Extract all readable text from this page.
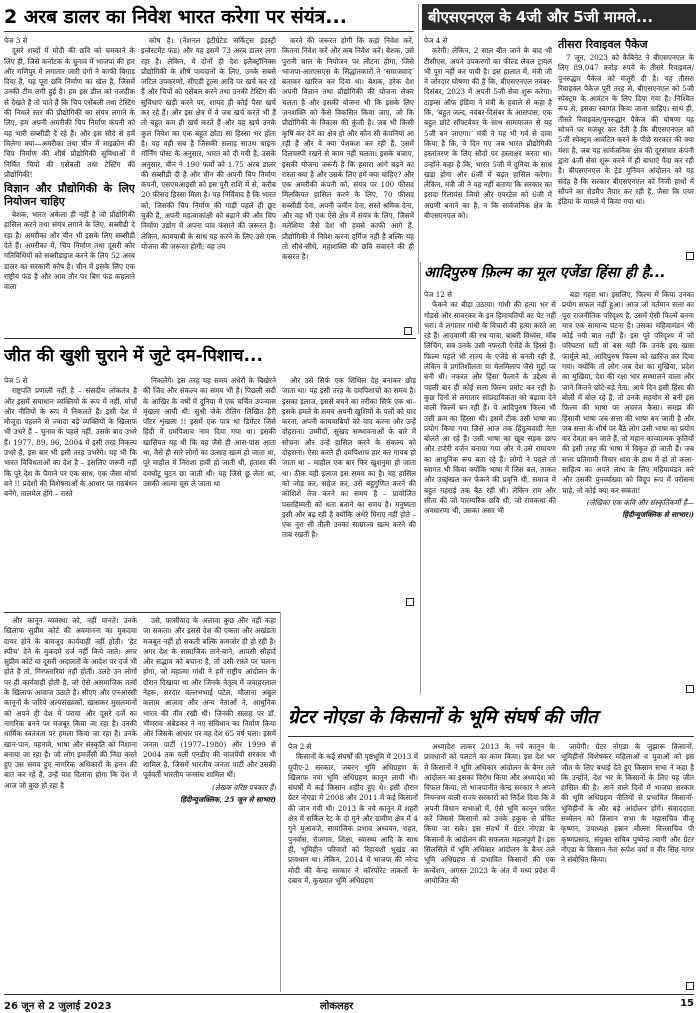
2 अरब डालर का निवेश भारत करेगा पर संयंत्र...
पेज 3 से

दूसरे शब्दों में मोदी की छवि को चमकाने के लिए ही, जिसे कर्नाटक के चुनाव में भाजपा की हार और मणिपुर में लगातार जारी दंगों ने काफी बिगाड़ दिया है, यह पूरा छवि निर्माण का खेल है, जिसमें उनकी टीम लगी हुई है। हम इस डील को नजदीक से देखते हैं तो पाते हैं कि चिप एसेंबली तथा टेस्टिंग की निचले स्तर की प्रौद्योगिकी का संयंत्र लगाने के लिए, हम अपनी अमरीकी चिप निर्माण कंपनी को यह भारी सब्सीडी दे रहे हैं। और इस सौदे से हमें मिलेगा क्या—अमरीका तथा चीन में माइक्रोन की चिप निर्माण की शीर्ष प्रौद्योगिकी सुविधाओं में निर्मित चिपों की एसेंबली तथा टेस्टिंग की प्रौद्योगिकी!

विज्ञान और प्रौद्योगिकी के लिए नियोजन चाहिए

बेशक, भारत अकेला ही नहीं है जो प्रौद्योगिकी हासिल करने तथा संयंत्र लगाने के लिए, सब्सीडी दे रहा है। अमरीका और चीन भी इसके लिए सब्सीडी देते हैं। अमरीका में, चिप निर्माण तथा दूसरी कोर गतिविधियों को सब्सीडाइज करने के लिए 52 अरब डालर का सरकारी कोष है। चीन में इसके लिए एक राष्ट्रीय फंड है और आम तौर पर बिग फंड कहलाने वाला

कोष है। (नेशनल इंटीग्रेटेड सर्किट्स इंडस्ट्री इन्वेस्टमेंट फंड) और यह इसमें 73 अरब डालर लगा रहा है। लेकिन, ये दोनों ही देश इलैक्ट्रॉनिक्स प्रौद्योगिकी के शीर्ष पायदानों के लिए, उनके सबसे जटिल उपकरणों, सीएडी टूल्स आदि पर खर्च कर रहे हैं और चिपों को एसेंबल करने तथा उनकी टेस्टिंग की सुविधाएं खड़ी करने पर, शायद ही कोई पैसा खर्च कर रहे हैं। और इस क्षेत्र में वे जब खर्च करते भी हैं तो बहुत कम ही खर्च करते हैं और यह खर्च उनके कुल निवेश का एक बहुत छोटा सा हिस्सा भर होता है। यह वही सब है जिसकी सलाह साउथ चाइना मॉर्निंग पोस्ट के अनुसार, भारत को दी गयी है, उसके अनुसार, चीन ने 190 फर्मों को 1.75 अरब डालर की सब्सीडी दी है और चीन की अपनी चिप निर्माण कंपनी, एसएमआइसी को इस पूरी राशि में से, करीब 20 फीसद हिस्सा मिला है। यह निर्विवाद है कि भारत को, जिसकी चिप निर्माण की गाड़ी पहले ही छूट चुकी है, अपनी महत्वाकांक्षी को बढ़ाने की और चिप निर्माण उद्योग में अपना पांव फंसाने की जरूरत है। लेकिन, कामयाबी के साथ यह करने के लिए उसे एक योजना की जरूरत होगी; यह तय

करने की जरूरत होगी कि कहां निवेश करें, कितना निवेश करें और कब निवेश करें। बेशक, उसे पुरानी चाल के नियोजन पर लौटना होगा, जिसे भाजपा-आरएसएस के सिद्धांतकारों ने ‘समाजवाद’ बताकर खारिज कर दिया था। बेशक, हरेक देश अपनी विज्ञान तथा प्रौद्योगिकी की योजना लेकर चलता है और इसकी योजना भी कि इसके लिए जनशक्ति को कैसे विकसित किया जाए, जो कि प्रौद्योगिकी के विकास की कुंजी है। जब भी किसी कृषि कर देने का क्षेत्र हो और कौन सी कंपनियां आ रही हैं और वे क्या पेशकश कर रही हैं, उसमें दिलचस्पी रखने से काम नहीं चलता। इसके बजाए, इसकी योजना जरूरी है कि हमारा आगे बढ़ने का रास्ता क्या है और उसके लिए हमें क्या चाहिए? और एक अमरीकी कंपनी को, संयंत्र पर 100 फीसद मिलकियत हासिल करने के लिए, 70 फीसद सब्सीडी देना, अपनी जमीन देना, सस्ते श्रमिक देना, और वह भी एक ऐसे क्षेत्र में संयंत्र के लिए, जिसमें मलेशिया जैसे देश भी हमसे काफी आगे हैं, प्रौद्योगिकी में निवेश करना हर्गिज नहीं है बल्कि यह तो सीधे-सीधे, महाशक्ति की छवि संवारने की ही कसरत है।

बीएसएनएल के 4जी और 5जी मामले...
पेज 4 से

करेगी। लेकिन, 2 साल बीत जाने के बाद भी टीसीएस, अपने उपकरणों का फील्ड लेवल ट्रायल भी पूरा नहीं कर पायी है। इस हालात में, मंत्री जी ने जोरदार घोषणा की है कि, बीएसएनएल नवंबर-दिसंबर, 2023 में अपनी 5जी सेवा शुरू करेगा। टाइम्स ऑफ इंडिया ने मंत्री के हवाले से कहा है कि, ‘बहुत जल्द, नवंबर-दिसंबर के आसपास, एक बहुत छोटे सॉफ्टवेयर के साथ सामयाजन से यह 5जी बन जाएगा।’ मंत्री ने यह भी गर्व से दावा किया है कि, वे दिन गए जब भारत प्रौद्योगिकी हस्तांतरण के लिए सौदों पर हस्ताक्षर करता था। उन्होंने कहा है कि, भारत 5जी में दुनिया के साथ खड़ा होगा और 6जी में बढ़त हासिल करेगा। लेकिन, मंत्री जी ने यह नहीं बताया कि सरकार का इरादा रिलायंस जियो और एयरटेल को 6जी में अग्रणी बनाने का है, न कि सार्वजनिक क्षेत्र के बीएसएनएल को।

तीसरा रिवाइवल पैकेज

7 जून, 2023 को कैबिनेट ने बीएसएनएल के लिए 89,047 करोड़ रुपये के तीसरे रिवाइवल/पुनरुद्धार पैकेज को मंजूरी दी है। यह तीसरा रिवाइवल पैकेज पूरी तरह से, बीएसएनएल को 5जी स्पेक्ट्रम के आवंटन के लिए दिया गया है। निश्चित रूप से, इसका स्वागत किया जाना चाहिए। साथ ही, तीसरे रिवाइवल/पुनरुद्धार पैकेज की घोषणा यह सोचने पर मजबूर कर देती है कि बीएसएनएल को 5जी स्पेक्ट्रम आवंटित करने के पीछे सरकार की क्या मंशा है, जब यह सार्वजनिक क्षेत्र की दूरसंचार कंपनी द्वारा 4जी सेवा शुरू करने में ही बाधाएं पैदा कर रही है। बीएसएनएल के ट्रेड यूनियन आंदोलन को यह संदेह है कि सरकार बीएसएनएल को निजी हाथों में सौंपने का रोडमैप तैयार कर रही है, जैसा कि एयर इंडिया के मामले में किया गया था।

आदिपुरुष फ़िल्म का मूल एजेंडा हिंसा ही है...
पेज 12 से

फेंकने का बीड़ा उठाया। गांधी की हत्या भर से गोडसे और सावरकर के इन हिमायतियों का पेट नहीं भरा। वे लगातार गांधी के विचारों की हत्या करते आ रहे हैं। आदवाणी की रथ यात्रा, बाबरी विध्वंस, मॉब लिंचिंग, सब उनके उसी नफरती ऐजेंडे के हिस्से हैं। फिल्म पहले भी राज्य के एजेंडे से बनती रही हैं, लेकिन वे प्रगतिशीलता या मेलमिलाप जैसे मुद्दों पर बनी थीं। नफरत और हिंसा फैलाने के उद्देश्य से पहली बार ही कोई सत्ता फिल्म प्रमोट कर रही है। कुछ दिनों से लगातार सांप्रदायिकता को बढ़ावा देने वाली फिल्में बन रही हैं। ये आदिपुरुष फिल्म भी उसी क्रम का हिस्सा थी। इसमें टीक उसी भाषा का प्रयोग किया गया जिसे आज तक हिंदुत्ववादी नेता बोलते आ रहे हैं। उसी भाषा का खूब सड़क छाप और टपोरी वर्जन बनाया गया और ये उसे रामायण का आधुनिक रूप बता रहे हैं। लोगों ने पहले तो स्वागत भी किया क्योंकि भाषा में जिस बल, ताकत और उच्छृंखल कर फेंकने की प्रवृत्ति थी, समाज में बहुत गहराई तक बैठ रही थी। लेकिन राम और सीता की जो पारम्परिक छवि थी, जो रामकथा की अवधारणा थी, उसका असर भी

बड़ा गहरा था। इसलिए, फिल्म में किया उनका प्रयोग सफल नहीं हुआ। आज जो वर्तमान सत्ता का पूरा राजनीतिक परिदृश्य है, उसमें ऐसी फिल्में बनना मात्र एक सामान्य घटना है। उसका महिमामंडन भी कोई नयी बात नहीं है। इस पूरे परिदृश्य में जो परिघटना घटी वो बस यही कि उनके इस खास फार्मूले को, आदिपुरुष फिल्म को खारिज कर दिया गया। क्योंकि तो लोग जब देश का मुखिया, प्रदेश का मुखिया, देश की रक्षा भार सम्भालने वाला और जाने कितने छोटे-बड़े नेता, आये दिन इसी हिंसा की बोली में बोल रहे हैं, तो उनके सहयोग से बनी इस फ़िल्म की भाषा पर अचरज कैसा। समझ की हिंसावी भाषा जब सत्ता की भाषा बन जाती है और जब सत्ता के शीर्ष पर बैठे लोग उसी भाषा का प्रयोग कर देवता बन जाते हैं, तो महान काव्यात्मक कृतियों की इसी तरह की भाषा में विकृत हो जाती हैं। जब सत्ता प्रतिगामी विचार धारा के हाथ में हो तो कला-साहित्य का अपने लाभ के लिए महिमामंडन करे और उसकी पुनर्व्याख्या को विदूप रूप में परोसना चाहे, तो कोई क्या कर सकता!

(लेखिका एक कवि और संस्कृतिकर्मी हैं—
हिंदीन्यूजक्लिक से साभार।)
जीत की खुशी चुराने में जुटे दम-पिशाच...
पेज 5 से

राष्ट्रपति प्रणाली नहीं है – संसदीय लोकतंत्र है और इसमें समाधान व्यक्तियों के रूप में नहीं, मोर्चों और नीतियों के रूप में निकलते हैं। इसी देश में मौजूदा पहलने से ज्यादा बड़े व्यक्तियों के खिलाफ भी उभरे हैं – चुनाव के पहले नहीं, उसके बाद उभरे हैं। 1977, 89, 96, 2004 में इसी तरह विकल्प उभरे हैं, इस बार भी इसी तरह उभरेंगे। यह भी कि भारत विविधताओं का देश है – इसलिए जरूरी नहीं कि पूरे देश के पैमाने पर एक साथ, एक जैसा मोर्चा बने !! प्रदेशों की विशेषताओं के आधार पर गठबंधन बनेंगे, तालमेल होंगे – रास्ते

निकलेंगे। इस तरह यह समय अंधेरों के बिखेरने की जिद और संकल्प का समय भी है। पिछली सदी के आखिर के वर्षों में दुनिया में एक चर्चित उपन्यास मृंखला आयी थी: सुश्री जेके रोलिंग लिखित हैरी पॉटर शृंखला !! इसमें एक पात्र था डिमेंटर जिसे हिंदी में दमपिशाच नाम दिया गया था। इसकी खासियत यह थी कि यह जैसे ही आस-पास आता था, वैसे ही सारे लोगों का उत्साह खत्म हो जाता था, पूरे माहौल में निराशा हावी हो जाती थी, हताशा की दमघोंटू घुटन छा जाती थी। यह जिसे छू लेता था, उसकी आत्मा चूस ले जाता था

और उसे सिर्फ एक शिथिल देह बनाकर छोड़ जाता था। यह इसी तरह के दमपिशाचों का समय है। इसका इलाज, इससे बचने का तरीका सिर्फ एक था– इसके हमले के समय अपनी खुशियों के पलों को याद करना, अपनी कामयाबियों को याद करना और उन्हें दोहराना। उम्मीदों, सुखद सम्भावनाओं के बारे में सोचना और उन्हें हासिल करने के संकल्प को दोहराना। ऐसा करते ही दमपिशाच हार कर गायब हो जाता था – माहौल एक बार फिर खुशनुमा हो जाता था। ठीक यही इलाज इस समय का है। यह हासिल को जोड़ कर, सहेज कर, उसे बहुगुणित करने की कोशिशें तेज करने का समय है – प्रायोजित पस्तहिम्मती को धता बताने का समय है। मनुष्यता इसी और बढ़ रही है क्योंकि अंधेरे घिराए नहीं होते – एक नूरा सी तीली उनका साम्राज्य खत्म करने की ताब रखती है।

और कानून व्यवस्था को, नहीं मानते। उनके खिलाफ सुप्रीम कोर्ट की अवमानना का मुकदमा दायर होने के बावजूद कार्यवाही नहीं होती। ‘हेट स्पीच’ देने के मुकदमे दर्ज नहीं किये जाते। अगर सुप्रीम कोर्ट या दूसरी अदालतों के आदेश पर दर्ज भी होते हैं तो, गिरफ्तारियां नहीं होतीं। उलटे उन लोगों पर ही कार्यवाही होती है, जो ऐसे असमाजिक तत्वों के खिलाफ आवाज उठाते हैं। सीएए और एनआरसी कानूनों के जरिये अल्पसंख्यकों, खासकर मुसलमानों को अपने ही देश में पराया और दूसरे दर्जे का नागरिक बनने पर मजबूर किया जा रहा है। उनकी धार्मिक स्वतंत्रता पर हमला किया जा रहा है। उनके खान-पान, पहनावे, भाषा और संस्कृति को निशाना बनाया जा रहा है। जो लोग इमर्जेंसी की निंदा करते हुए उस समय हुए नागरिक अधिकारों के हनन की बात कर रहे हैं, उन्हें याद दिलाना होगा कि देश में आज जो कुछ हो रहा है

उसे, फ़ासीवाद के अलावा कुछ और नहीं कहा जा सकता। और इससे देश की एकता और अखंडता मजबूत नहीं हो सकती बल्कि कमजोर ही हो रही है। अगर देश के सामाजिक ताने-बाने, आपसी सौहार्द और सद्भाव को बचाना है, तो उसी रास्ते पर चलना होगा, जो महात्मा गांधी ने हमें राष्ट्रीय आंदोलन के दौरान दिखाया था और जिनके नेतृत्व में जवाहरलाल नेहरू, सरदार वल्लभभाई पटेल, मौलाना अबुल कलाम आज़ाद और अन्य नेताओं ने, आधुनिक भारत की नींव रखी थी। जिनकी सलाह पर डॉ. भीमराव अंबेडकर ने नए संविधान का निर्माण किया और जिसके आधार पर यह देश 65 वर्ष चला। इसमें जनता पार्टी (1977–1980) और 1999 से 2004 तक चली एनडीए की वाजपेयी सरकार भी शामिल है, जिसमें भारतीय जनता पार्टी और उसकी पूर्ववर्ती भारतीय जनसंघ शामिल थीं।

(लेखक वरिष्ठ पत्रकार हैं।
हिंदीन्यूजक्लिक, 25 जून से साभार)
ग्रेटर नोएडा के किसानों के भूमि संघर्ष की जीत
पेज 2 से

किसानों के कई संघर्षों की पृष्ठभूमि में 2013 में यूपीए-2 सरकार, जबरन भूमि अधिग्रहण के खिलाफ नया भूमि अधिग्रहण कानून लायी थी। संघर्षों में कई किसान शहीद हुए थे। इसी दौरान ग्रेटर नोएडा में 2008 और 2011 में कई किसानों की जान गयी थी। 2013 के नये कानून में शहरी क्षेत्र में सर्किल रेट के दो गुने और ग्रामीण क्षेत्र में 4 गुने मुआवजे, सामाजिक प्रभाव अध्ययन, राहत, पुनर्वास, रोजगार, शिक्षा, स्वास्थ्य आदि के साथ ही, भूमिहीन परिवारों को रिहायशी भूखंड का प्रावधान था। लेकिन, 2014 में भाजपा की नरेन्द्र मोदी की केन्द्र सरकार ने कॉरपोरेट ताकतों के दबाव में, कुख्यात भूमि अधिग्रहण

अध्यादेश लाकर 2013 के नये कानून के प्रावधानों को पलटने का काम किया। इस देश भर में किसानों ने भूमि अधिकार आंदोलन के बैनर तले आंदोलन का इसका विरोध किया और अध्यादेश को विफल किया, तो भाजपानीत केन्द्र सरकार ने अपने नियन्त्रण वाली राज्य सरकारों को निर्देश दिया कि वे अपनी विधान सभाओं में, ऐसे भूमि कानून पारित करें जिससे किसानों को उनके हकूक से वंचित किया जा सके। इस संदर्भ में ग्रेटर नोएडा के किसानों के आंदोलन की सफलता महत्वपूर्ण है। इस सिलसिले में भूमि अधिकार आंदोलन के बैनर तले भूमि अधिग्रहण से प्रभावित किसानों की एक कन्वेंशन, अगस्त 2023 के अंत में मध्य प्रदेश में आयोजित की

जायेगी। ग्रेटर नोएडा के जुझारू किसानों, भूमिहीनों विशेषकर महिलाओं व युवाओं को इस जीत के लिए बधाई देते हुए किसान सभा ने कहा है कि उन्होंने, देश भर के किसानों के लिए यह जीत हासिल की है। आने वाले दिनों में भाजपा सरकार की भूमि अधिग्रहण नीतियों से प्रभावित किसानों-भूमिहीनों के और बड़े आंदोलन होंगे। संवाददाता सम्मेलन को किसान सभा के महासचिव वीजू कृष्णन, उपाध्यक्ष हन्नान मौल्ला वित्तसचिव पी कृष्णप्रसाद, संयुक्त सचिव पुष्पेन्द्र त्यागी और ग्रेटर नोएडा के किसान नेता रूपेश वर्मा व वीर सिंह नागर ने संबोधित किया।

26 जून से 2 जुलाई 2023	लोकलहर	15
